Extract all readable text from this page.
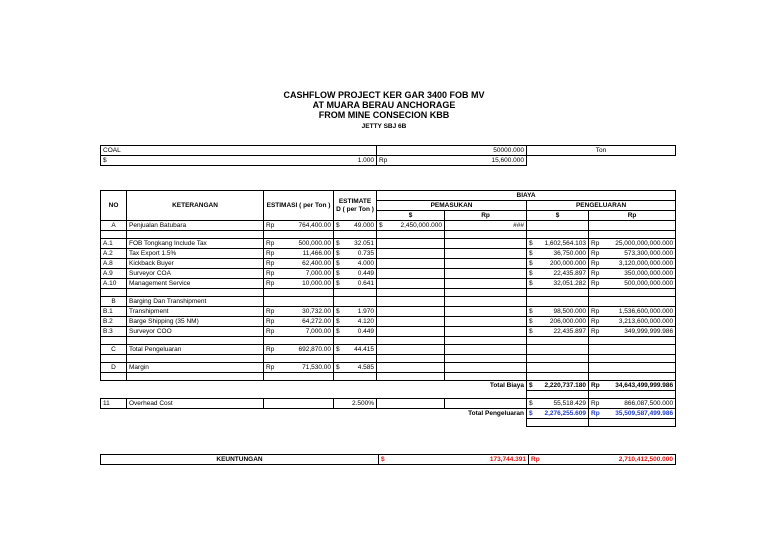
CASHFLOW PROJECT KER GAR 3400 FOB MV
AT MUARA BERAU ANCHORAGE
FROM MINE CONSECION KBB
JETTY SBJ 6B
COAL	50000.000	Ton
$ 1.000	Rp 15,600.000	

NO	KETERANGAN	ESTIMASI ( per Ton )		ESTIMATE D ( per Ton )		BIAYA						
						PEMASUKAN			PENGELUARAN			
						$		Rp	$		Rp	
A	Penjualan Batubara	Rp	764,400.00	$	49.000	$	2,450,000.000	###				

A.1	FOB Tongkang Include Tax	Rp	500,000.00	$	32.051				$	1,602,564.103	Rp	25,000,000,000.000
A.2	Tax Export 1.5%	Rp	11,466.00	$	0.735				$	36,750.000	Rp	573,300,000.000
A.8	Kickback Buyer	Rp	62,400.00	$	4.000				$	200,000.000	Rp	3,120,000,000.000
A.9	Surveyor COA	Rp	7,000.00	$	0.449				$	22,435.897	Rp	350,000,000.000
A.10	Management Service	Rp	10,000.00	$	0.641				$	32,051.282	Rp	500,000,000.000

B	Barging Dan Transhipment											
B.1	Transhipment	Rp	30,732.00	$	1.970				$	98,500.000	Rp	1,536,600,000.000
B.2	Barge Shipping (35 NM)	Rp	64,272.00	$	4.120				$	206,000.000	Rp	3,213,600,000.000
B.3	Surveyor COO	Rp	7,000.00	$	0.449				$	22,435.897	Rp	349,999,999.986

C	Total Pengeluaran	Rp	692,870.00	$	44.415							

D	Margin	Rp	71,530.00	$	4.585							

Total Biaya									$	2,220,737.180	Rp	34,643,499,999.986

11	Overhead Cost			2.500%					$	55,518.429	Rp	866,087,500.000
Total Pengeluaran									$	2,276,255.609	Rp	35,509,587,499.986

KEUNTUNGAN	$	173,744.391	Rp	2,710,412,500.000
